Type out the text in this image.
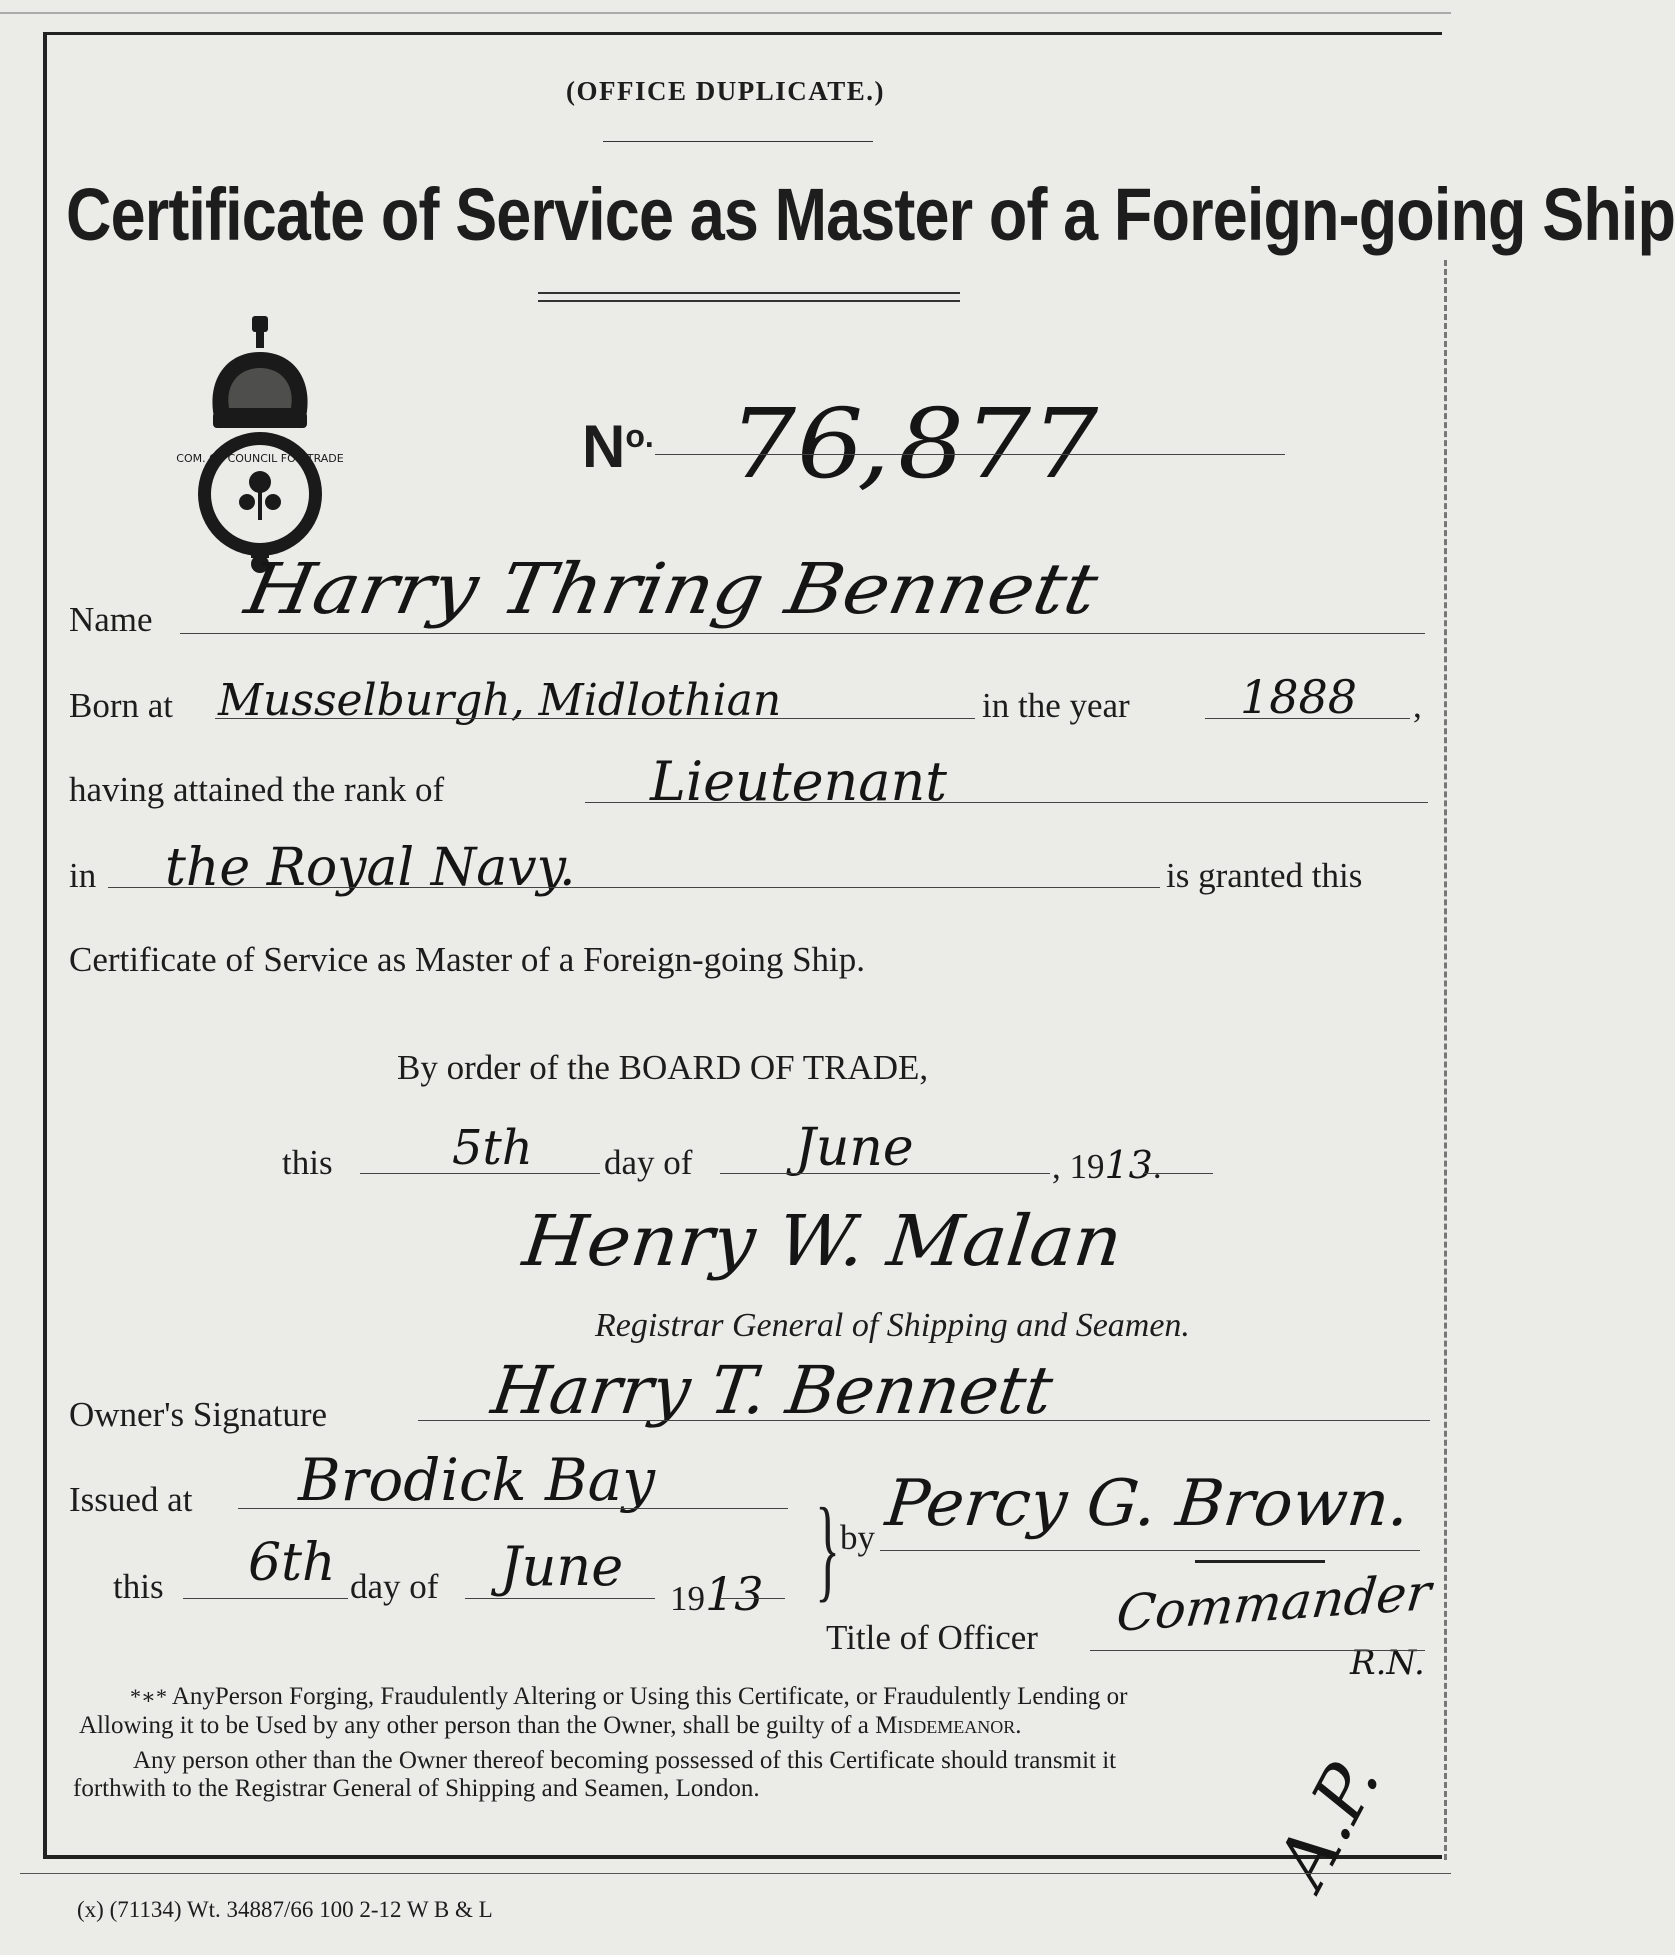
(OFFICE DUPLICATE.)
Certificate of Service as Master of a Foreign-going Ship
COM. OF COUNCIL FOR TRADE	$N^{o.}$ 76,877
Name Harry Thring Bennett
Born at Musselburgh, Midlothian	in the year 1888 ,
having attained the rank of	Lieutenant
in the Royal Navy.	is granted this
Certificate of Service as Master of a Foreign-going Ship.
By order of the BOARD OF TRADE,
this 5th day of June	, 1913.
Henry W. Malan
Registrar General of Shipping and Seamen.
Owner's Signature Harry T. Bennett
Issued at Brodick Bay
this 6th day of June
1913 } by Percy G. Brown.
Title of Officer Commander
R.N.
*∗* AnyPerson Forging, Fraudulently Altering or Using this Certificate, or Fraudulently Lending or
Allowing it to be Used by any other person than the Owner, shall be guilty of a Misdemeanor.
Any person other than the Owner thereof becoming possessed of this Certificate should transmit it
forthwith to the Registrar General of Shipping and Seamen, London.	A.P.
(x) (71134) Wt. 34887/66 100 2-12 W B & L
